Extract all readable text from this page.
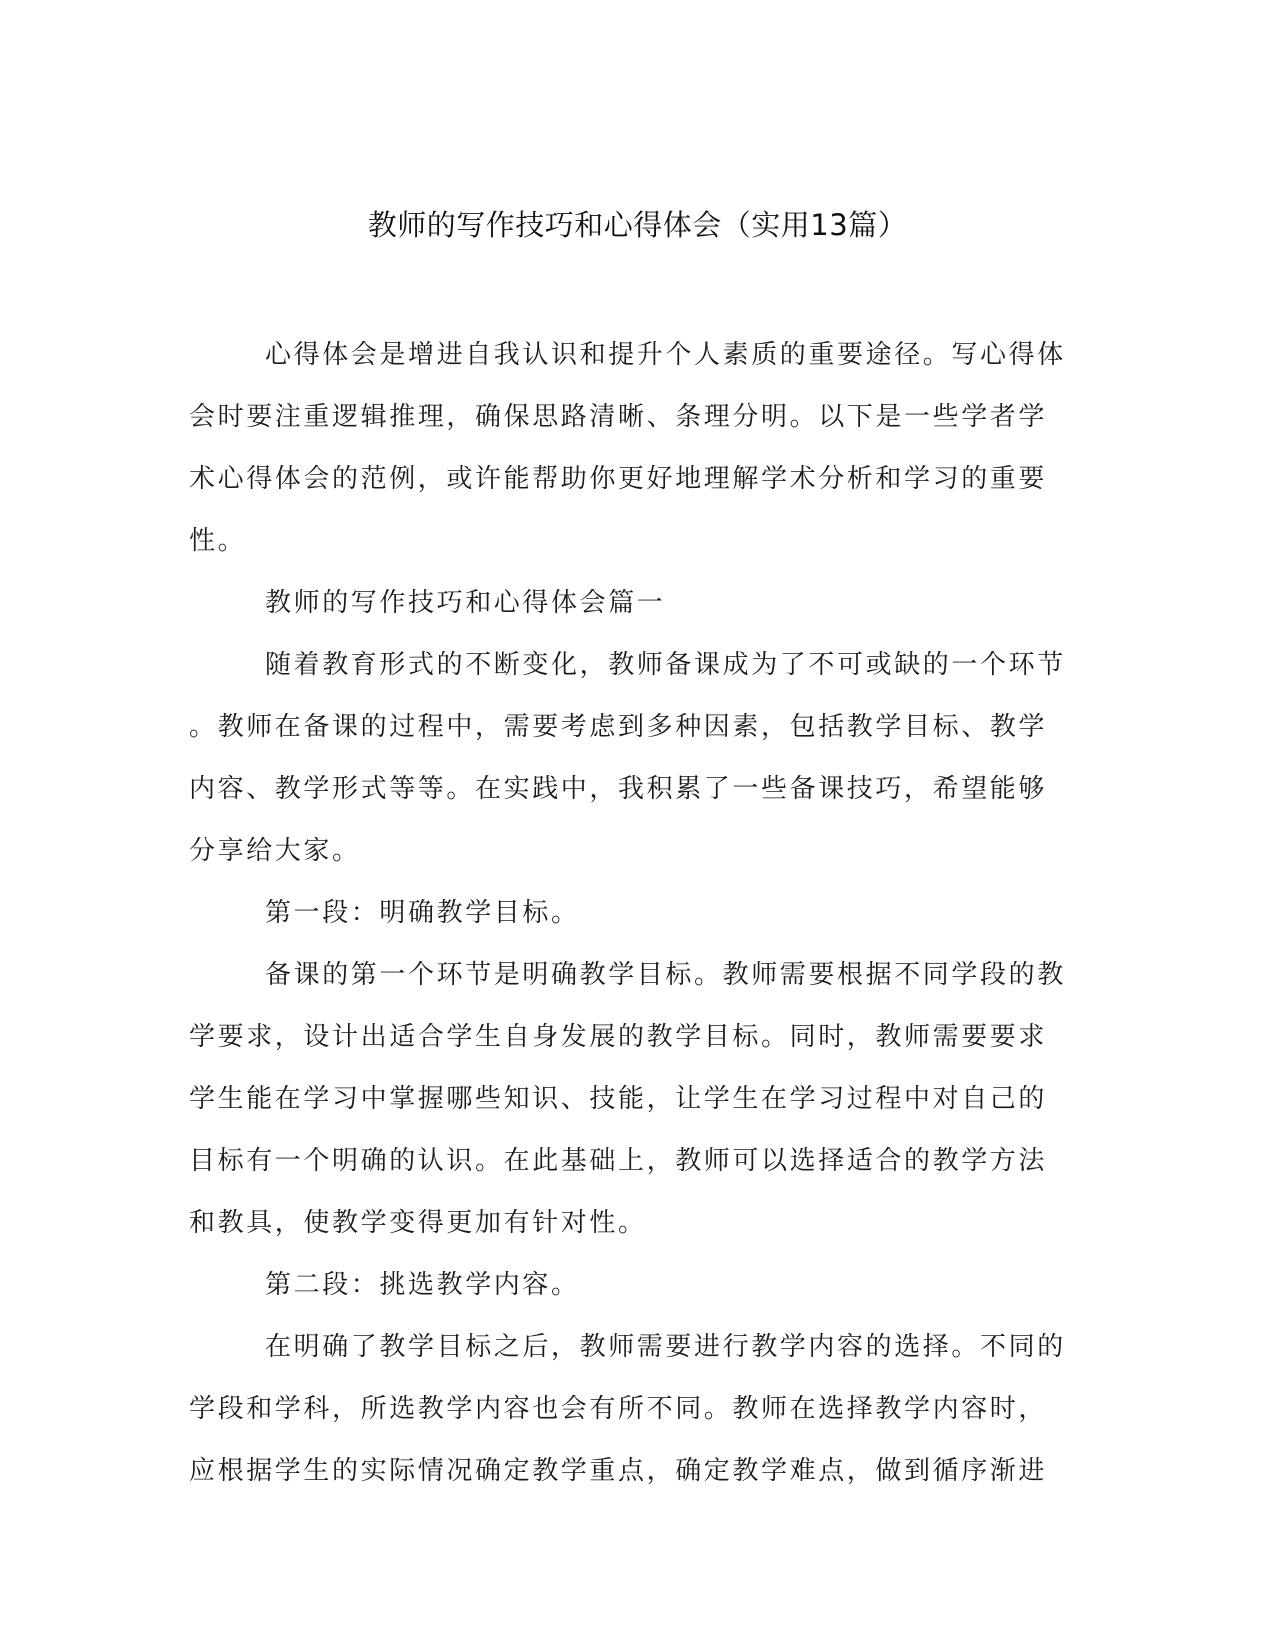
教师的写作技巧和心得体会（实用13篇）
心得体会是增进自我认识和提升个人素质的重要途径。写心得体
会时要注重逻辑推理，确保思路清晰、条理分明。以下是一些学者学
术心得体会的范例，或许能帮助你更好地理解学术分析和学习的重要
性。
教师的写作技巧和心得体会篇一
随着教育形式的不断变化，教师备课成为了不可或缺的一个环节
。教师在备课的过程中，需要考虑到多种因素，包括教学目标、教学
内容、教学形式等等。在实践中，我积累了一些备课技巧，希望能够
分享给大家。
第一段：明确教学目标。
备课的第一个环节是明确教学目标。教师需要根据不同学段的教
学要求，设计出适合学生自身发展的教学目标。同时，教师需要要求
学生能在学习中掌握哪些知识、技能，让学生在学习过程中对自己的
目标有一个明确的认识。在此基础上，教师可以选择适合的教学方法
和教具，使教学变得更加有针对性。
第二段：挑选教学内容。
在明确了教学目标之后，教师需要进行教学内容的选择。不同的
学段和学科，所选教学内容也会有所不同。教师在选择教学内容时，
应根据学生的实际情况确定教学重点，确定教学难点，做到循序渐进
